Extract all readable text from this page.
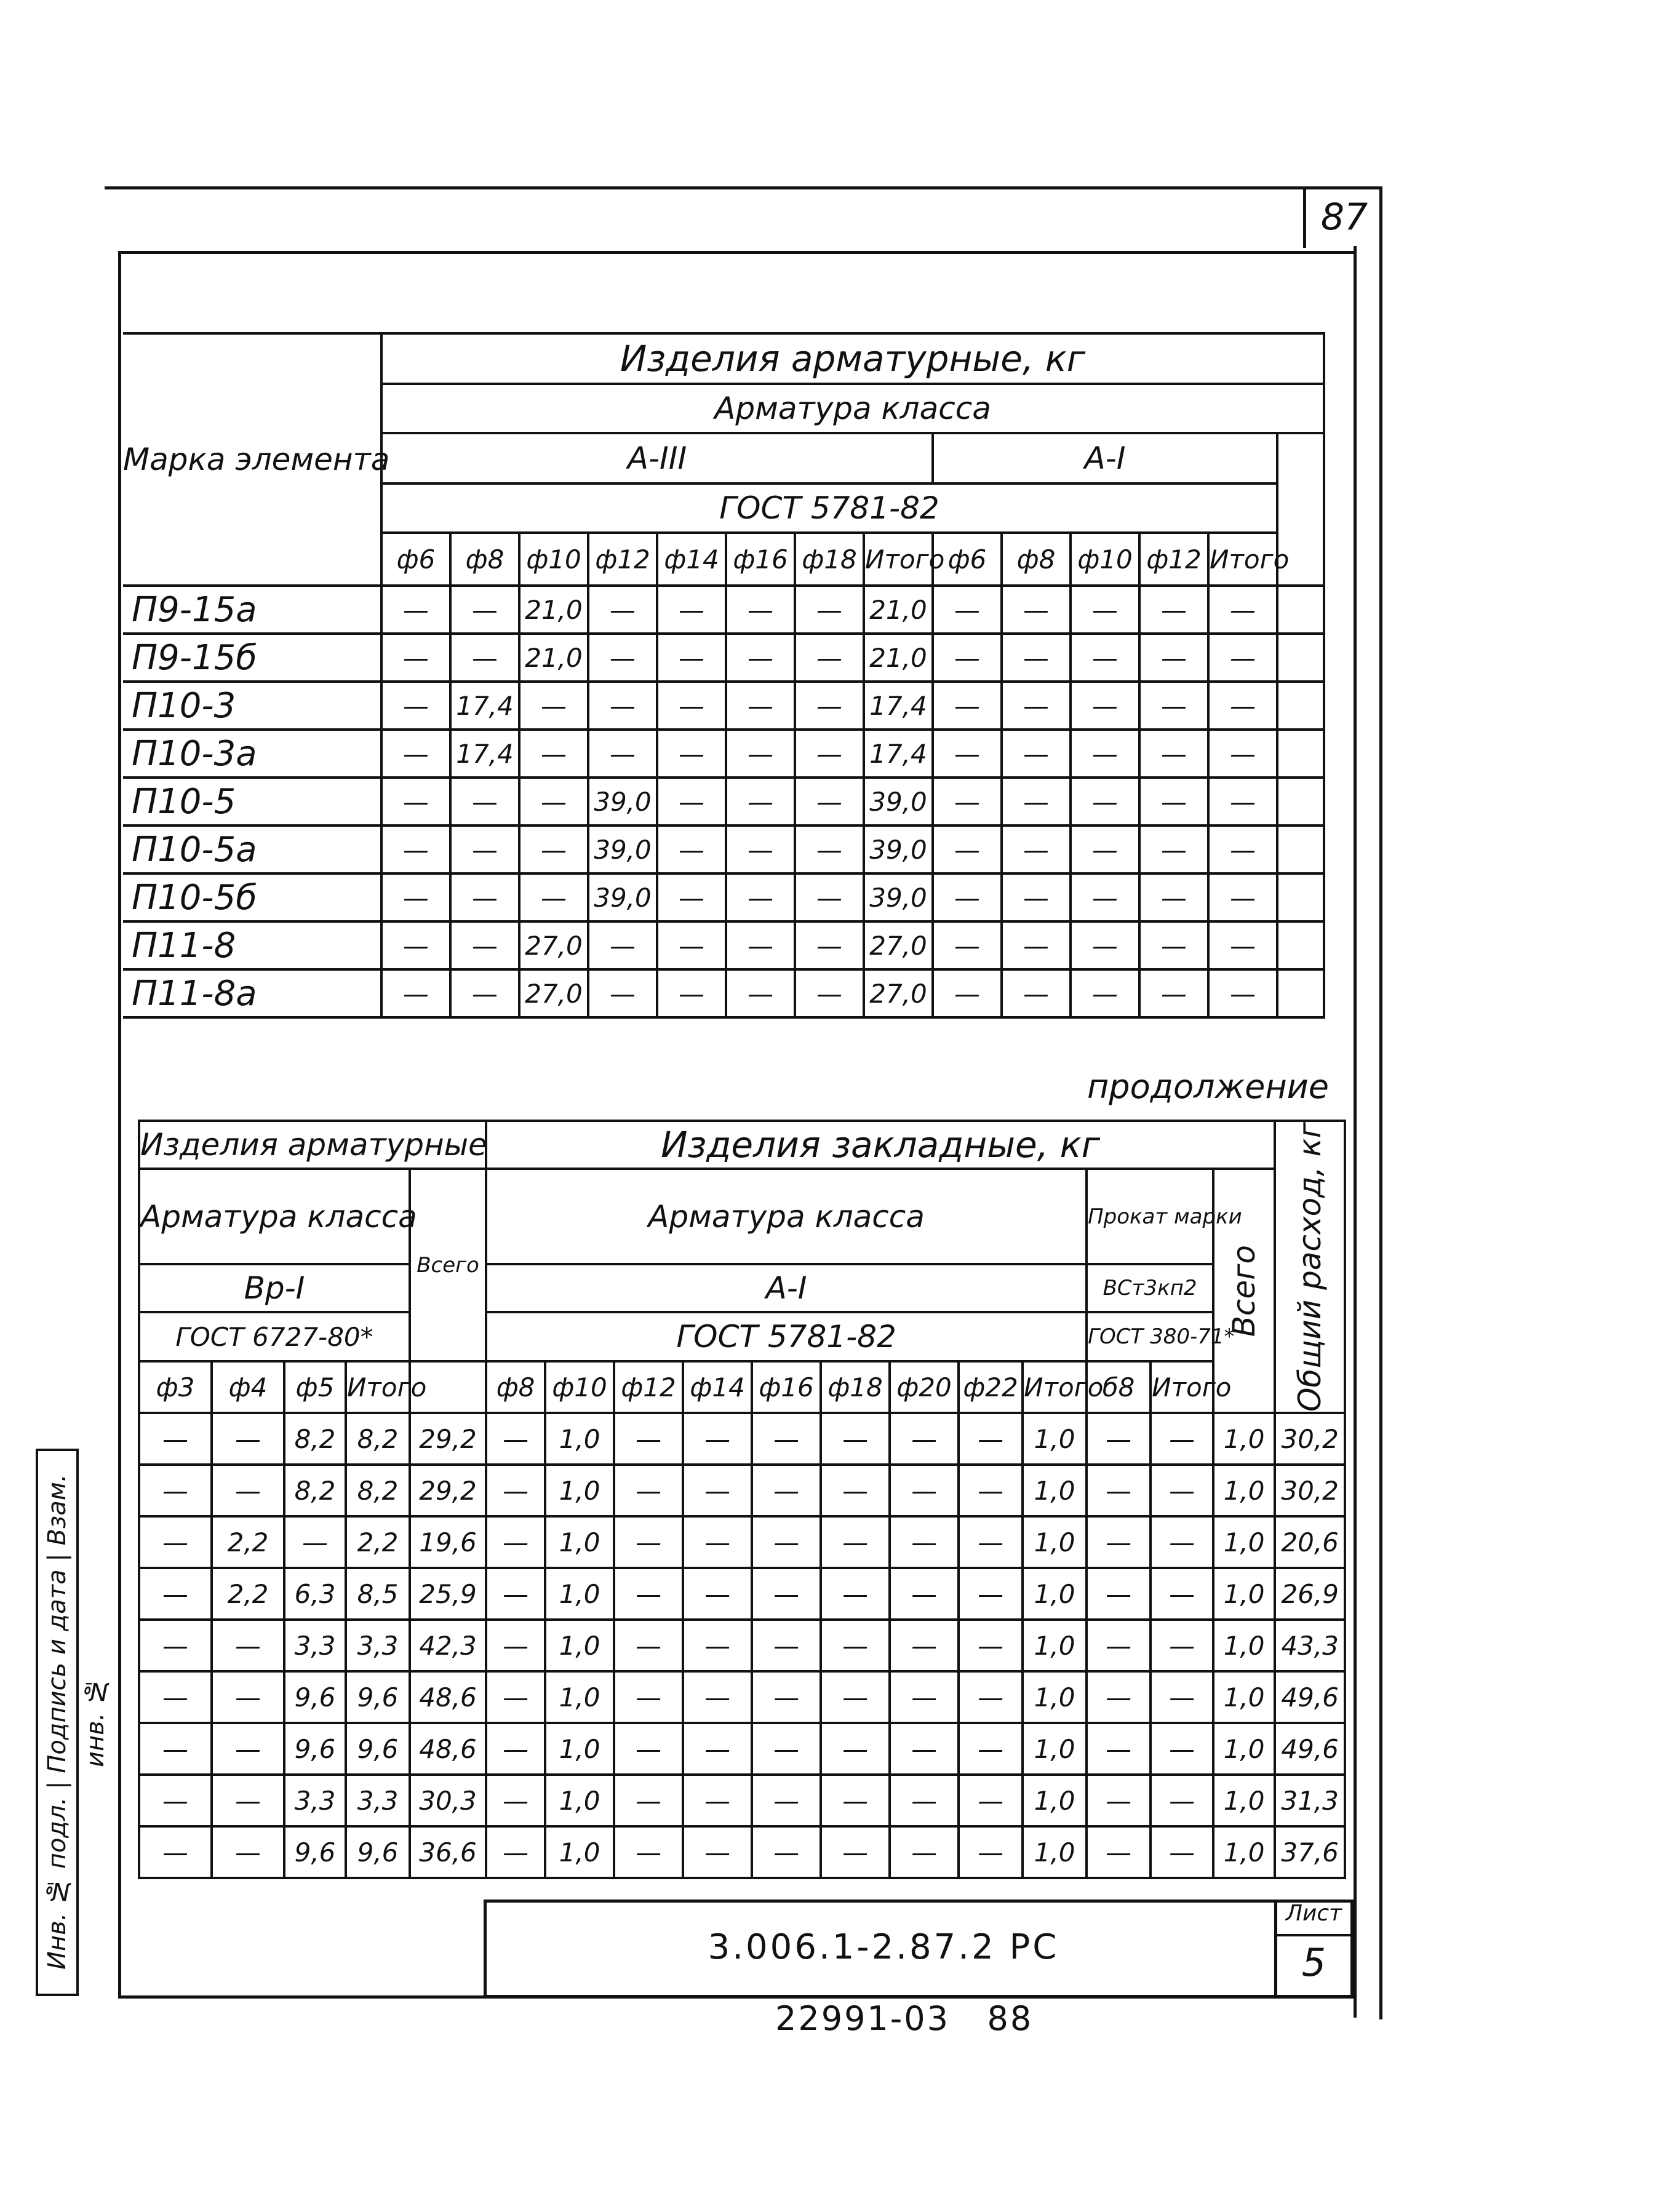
87
Марка элемента	Изделия арматурные, кг													
	Арматура класса													
	А-III								А-I					
	ГОСТ 5781-82													
	ф6	ф8	ф10	ф12	ф14	ф16	ф18	Итого	ф6	ф8	ф10	ф12	Итого	
П9-15а	—	—	21,0	—	—	—	—	21,0	—	—	—	—	—	
П9-15б	—	—	21,0	—	—	—	—	21,0	—	—	—	—	—	
П10-3	—	17,4	—	—	—	—	—	17,4	—	—	—	—	—	
П10-3а	—	17,4	—	—	—	—	—	17,4	—	—	—	—	—	
П10-5	—	—	—	39,0	—	—	—	39,0	—	—	—	—	—	
П10-5а	—	—	—	39,0	—	—	—	39,0	—	—	—	—	—	
П10-5б	—	—	—	39,0	—	—	—	39,0	—	—	—	—	—	
П11-8	—	—	27,0	—	—	—	—	27,0	—	—	—	—	—	
П11-8а	—	—	27,0	—	—	—	—	27,0	—	—	—	—	—	
продолжение
Изделия арматурные					Изделия закладные, кг												Общий расход, кг

Арматура класса				Всего	Арматура класса									Прокат марки		Всего	

Вр-I					А-I									ВСт3кп2			
ГОСТ 6727-80*					ГОСТ 5781-82									ГОСТ 380-71*			
ф3	ф4	ф5	Итого		ф8	ф10	ф12	ф14	ф16	ф18	ф20	ф22	Итого	б8	Итого		
—	—	8,2	8,2	29,2	—	1,0	—	—	—	—	—	—	1,0	—	—	1,0	30,2
—	—	8,2	8,2	29,2	—	1,0	—	—	—	—	—	—	1,0	—	—	1,0	30,2
—	2,2	—	2,2	19,6	—	1,0	—	—	—	—	—	—	1,0	—	—	1,0	20,6
—	2,2	6,3	8,5	25,9	—	1,0	—	—	—	—	—	—	1,0	—	—	1,0	26,9
—	—	3,3	3,3	42,3	—	1,0	—	—	—	—	—	—	1,0	—	—	1,0	43,3
—	—	9,6	9,6	48,6	—	1,0	—	—	—	—	—	—	1,0	—	—	1,0	49,6
—	—	9,6	9,6	48,6	—	1,0	—	—	—	—	—	—	1,0	—	—	1,0	49,6
—	—	3,3	3,3	30,3	—	1,0	—	—	—	—	—	—	1,0	—	—	1,0	31,3
—	—	9,6	9,6	36,6	—	1,0	—	—	—	—	—	—	1,0	—	—	1,0	37,6
Инв. № подл. | Подпись и дата | Взам. инв. №
3.006.1-2.87.2 РС
Лист
5
22991-03   88
